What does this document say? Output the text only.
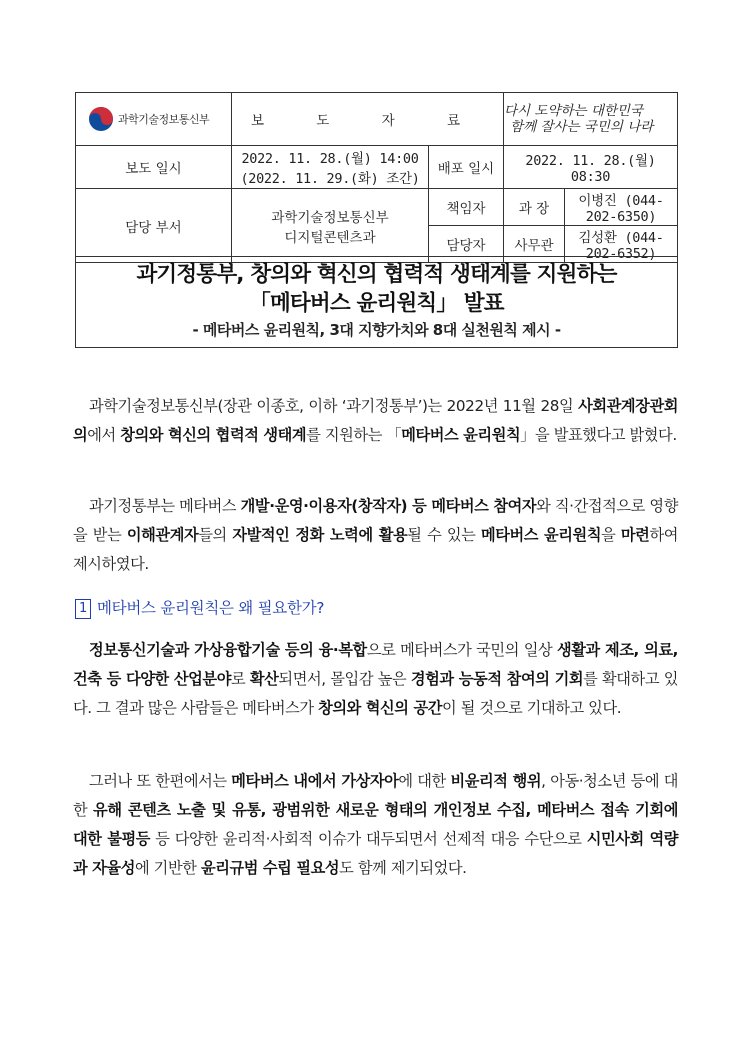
과학기술정보통신부	보 도 자 료		다시 도약하는 대한민국
함께 잘사는 국민의 나라	

보도 일시	2022. 11. 28.(월) 14:00
(2022. 11. 29.(화) 조간)	배포 일시	2022. 11. 28.(월) 08:30	
담당 부서	과학기술정보통신부
디지털콘텐츠과	책임자	과 장	이병진 (044-202-6350)
		담당자	사무관	김성환 (044-202-6352)
과기정통부, 창의와 혁신의 협력적 생태계를 지원하는
「메타버스 윤리원칙」 발표
- 메타버스 윤리원칙, 3대 지향가치와 8대 실천원칙 제시 -

과학기술정보통신부(장관 이종호, 이하 ‘과기정통부’)는 2022년 11월 28일 사회관계장관회의에서 창의와 혁신의 협력적 생태계를 지원하는 「메타버스 윤리원칙」을 발표했다고 밝혔다.

과기정통부는 메타버스 개발·운영·이용자(창작자) 등 메타버스 참여자와 직·간접적으로 영향을 받는 이해관계자들의 자발적인 정화 노력에 활용될 수 있는 메타버스 윤리원칙을 마련하여 제시하였다.

1 메타버스 윤리원칙은 왜 필요한가?

정보통신기술과 가상융합기술 등의 융·복합으로 메타버스가 국민의 일상 생활과 제조, 의료, 건축 등 다양한 산업분야로 확산되면서, 몰입감 높은 경험과 능동적 참여의 기회를 확대하고 있다. 그 결과 많은 사람들은 메타버스가 창의와 혁신의 공간이 될 것으로 기대하고 있다.

그러나 또 한편에서는 메타버스 내에서 가상자아에 대한 비윤리적 행위, 아동·청소년 등에 대한 유해 콘텐츠 노출 및 유통, 광범위한 새로운 형태의 개인정보 수집, 메타버스 접속 기회에 대한 불평등 등 다양한 윤리적·사회적 이슈가 대두되면서 선제적 대응 수단으로 시민사회 역량과 자율성에 기반한 윤리규범 수립 필요성도 함께 제기되었다.
